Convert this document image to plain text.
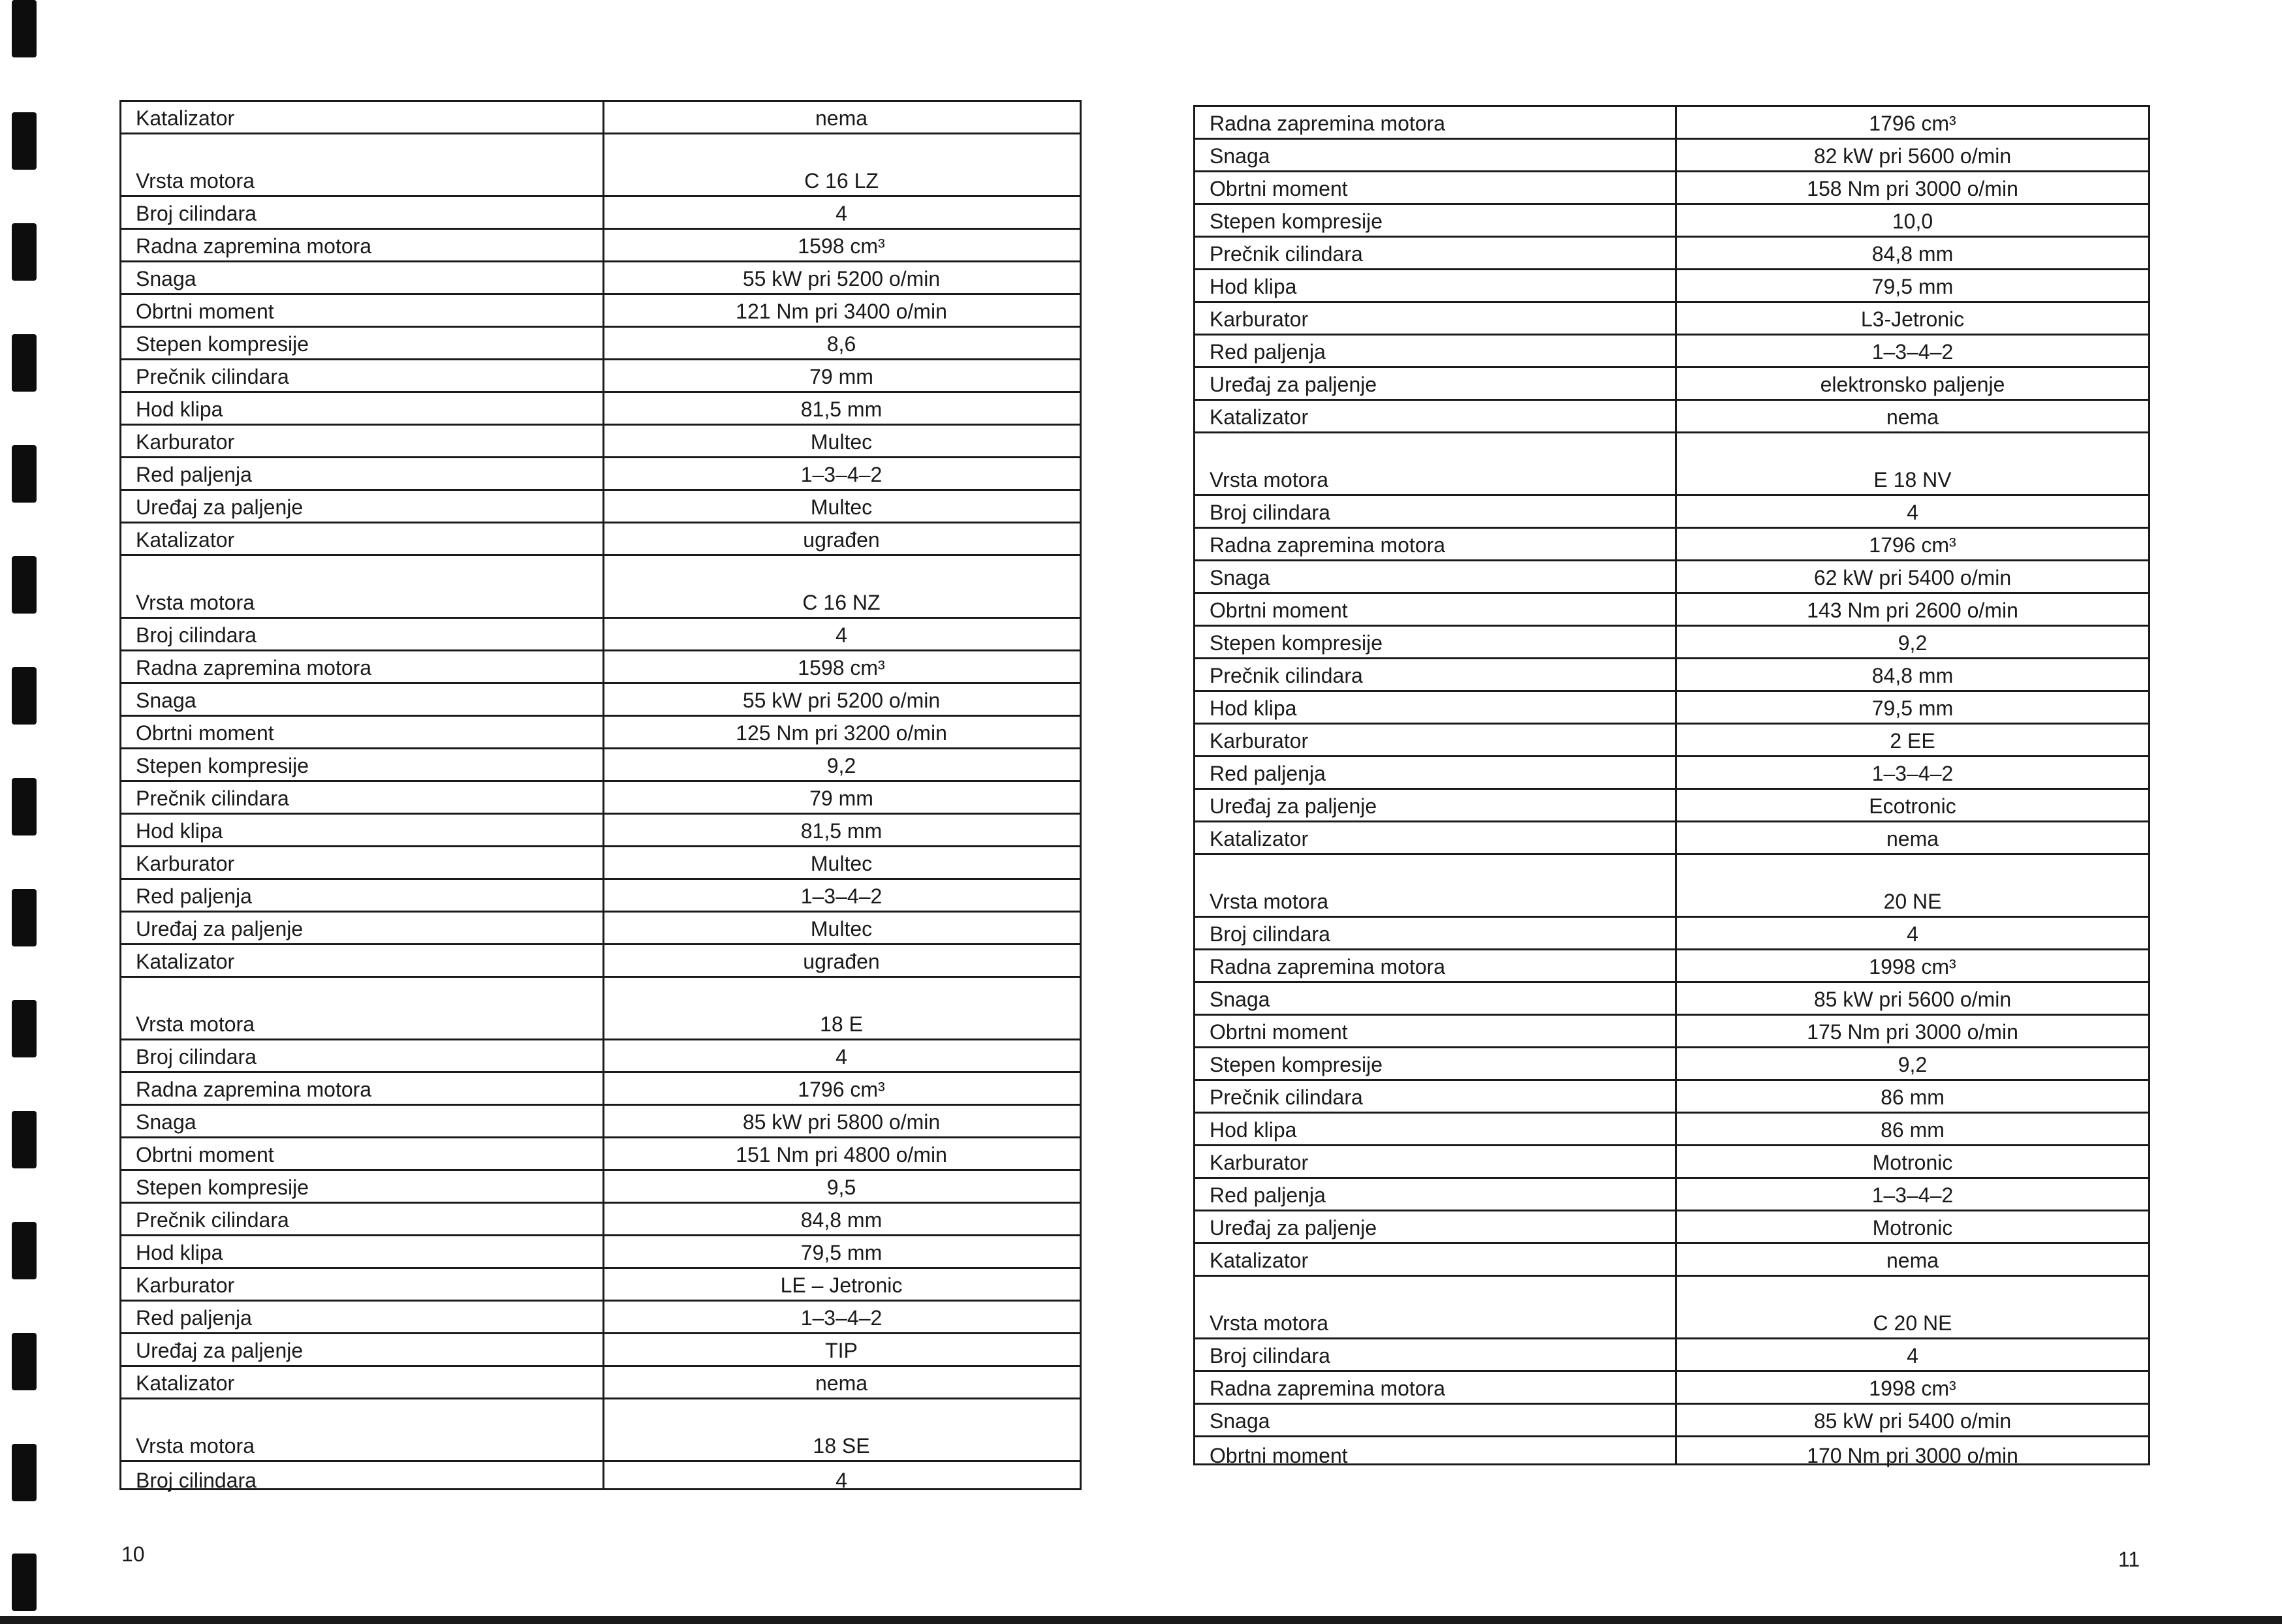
Katalizator	nema
Vrsta motora	C 16 LZ
Broj cilindara	4
Radna zapremina motora	1598 cm³
Snaga	55 kW pri 5200 o/min
Obrtni moment	121 Nm pri 3400 o/min
Stepen kompresije	8,6
Prečnik cilindara	79 mm
Hod klipa	81,5 mm
Karburator	Multec
Red paljenja	1–3–4–2
Uređaj za paljenje	Multec
Katalizator	ugrađen
Vrsta motora	C 16 NZ
Broj cilindara	4
Radna zapremina motora	1598 cm³
Snaga	55 kW pri 5200 o/min
Obrtni moment	125 Nm pri 3200 o/min
Stepen kompresije	9,2
Prečnik cilindara	79 mm
Hod klipa	81,5 mm
Karburator	Multec
Red paljenja	1–3–4–2
Uređaj za paljenje	Multec
Katalizator	ugrađen
Vrsta motora	18 E
Broj cilindara	4
Radna zapremina motora	1796 cm³
Snaga	85 kW pri 5800 o/min
Obrtni moment	151 Nm pri 4800 o/min
Stepen kompresije	9,5
Prečnik cilindara	84,8 mm
Hod klipa	79,5 mm
Karburator	LE – Jetronic
Red paljenja	1–3–4–2
Uređaj za paljenje	TIP
Katalizator	nema
Vrsta motora	18 SE
Broj cilindara	4
Radna zapremina motora	1796 cm³
Snaga	82 kW pri 5600 o/min
Obrtni moment	158 Nm pri 3000 o/min
Stepen kompresije	10,0
Prečnik cilindara	84,8 mm
Hod klipa	79,5 mm
Karburator	L3-Jetronic
Red paljenja	1–3–4–2
Uređaj za paljenje	elektronsko paljenje
Katalizator	nema
Vrsta motora	E 18 NV
Broj cilindara	4
Radna zapremina motora	1796 cm³
Snaga	62 kW pri 5400 o/min
Obrtni moment	143 Nm pri 2600 o/min
Stepen kompresije	9,2
Prečnik cilindara	84,8 mm
Hod klipa	79,5 mm
Karburator	2 EE
Red paljenja	1–3–4–2
Uređaj za paljenje	Ecotronic
Katalizator	nema
Vrsta motora	20 NE
Broj cilindara	4
Radna zapremina motora	1998 cm³
Snaga	85 kW pri 5600 o/min
Obrtni moment	175 Nm pri 3000 o/min
Stepen kompresije	9,2
Prečnik cilindara	86 mm
Hod klipa	86 mm
Karburator	Motronic
Red paljenja	1–3–4–2
Uređaj za paljenje	Motronic
Katalizator	nema
Vrsta motora	C 20 NE
Broj cilindara	4
Radna zapremina motora	1998 cm³
Snaga	85 kW pri 5400 o/min
Obrtni moment	170 Nm pri 3000 o/min
10	11
